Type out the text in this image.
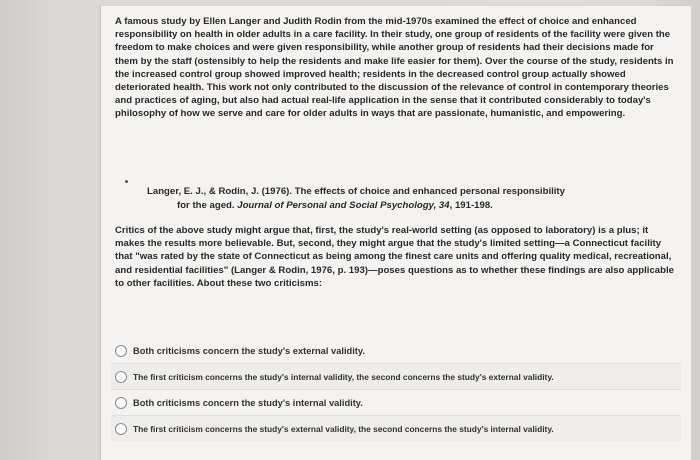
A famous study by Ellen Langer and Judith Rodin from the mid-1970s examined the effect of choice and enhanced responsibility on health in older adults in a care facility. In their study, one group of residents of the facility were given the freedom to make choices and were given responsibility, while another group of residents had their decisions made for them by the staff (ostensibly to help the residents and make life easier for them). Over the course of the study, residents in the increased control group showed improved health; residents in the decreased control group actually showed deteriorated health. This work not only contributed to the discussion of the relevance of control in contemporary theories and practices of aging, but also had actual real-life application in the sense that it contributed considerably to today's philosophy of how we serve and care for older adults in ways that are passionate, humanistic, and empowering.

Langer, E. J., & Rodin, J. (1976). The effects of choice and enhanced personal responsibility
for the aged. Journal of Personal and Social Psychology, 34, 191-198.

Critics of the above study might argue that, first, the study's real-world setting (as opposed to laboratory) is a plus; it makes the results more believable. But, second, they might argue that the study's limited setting—a Connecticut facility that "was rated by the state of Connecticut as being among the finest care units and offering quality medical, recreational, and residential facilities" (Langer & Rodin, 1976, p. 193)—poses questions as to whether these findings are also applicable to other facilities. About these two criticisms:

Both criticisms concern the study's external validity.
The first criticism concerns the study's internal validity, the second concerns the study's external validity.
Both criticisms concern the study's internal validity.
The first criticism concerns the study's external validity, the second concerns the study's internal validity.
